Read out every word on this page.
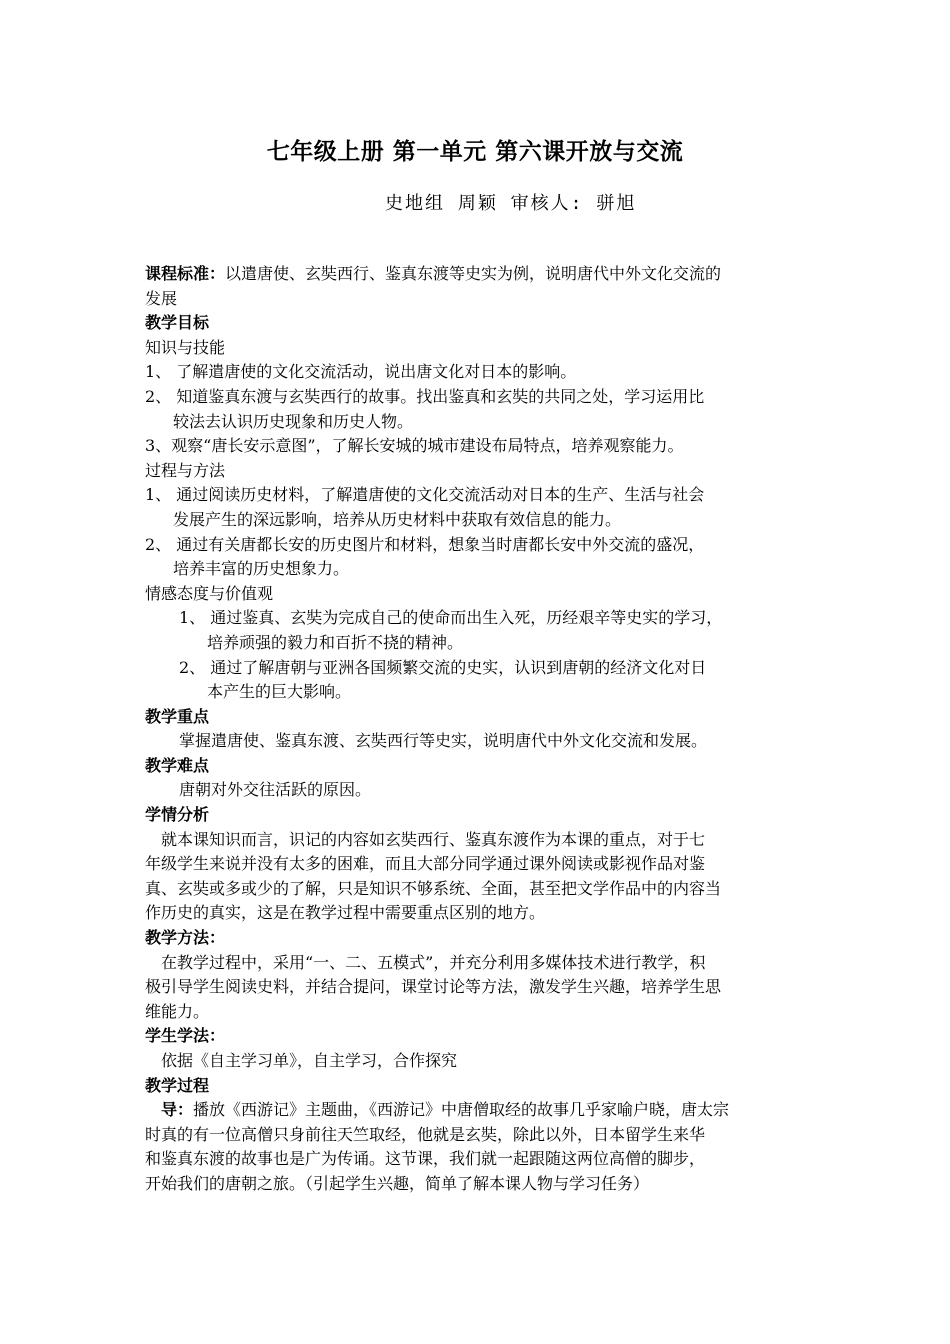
七年级上册 第一单元 第六课开放与交流
史地组 周颖 审核人: 骈旭
课程标准：以遣唐使、玄奘西行、鉴真东渡等史实为例，说明唐代中外文化交流的
发展
教学目标
知识与技能
1、 了解遣唐使的文化交流活动，说出唐文化对日本的影响。
2、 知道鉴真东渡与玄奘西行的故事。找出鉴真和玄奘的共同之处，学习运用比
较法去认识历史现象和历史人物。
3、观察“唐长安示意图”，了解长安城的城市建设布局特点，培养观察能力。
过程与方法
1、 通过阅读历史材料，了解遣唐使的文化交流活动对日本的生产、生活与社会
发展产生的深远影响，培养从历史材料中获取有效信息的能力。
2、 通过有关唐都长安的历史图片和材料，想象当时唐都长安中外交流的盛况，
培养丰富的历史想象力。
情感态度与价值观
1、 通过鉴真、玄奘为完成自己的使命而出生入死，历经艰辛等史实的学习，
培养顽强的毅力和百折不挠的精神。
2、 通过了解唐朝与亚洲各国频繁交流的史实，认识到唐朝的经济文化对日
本产生的巨大影响。
教学重点
掌握遣唐使、鉴真东渡、玄奘西行等史实，说明唐代中外文化交流和发展。
教学难点
唐朝对外交往活跃的原因。
学情分析
就本课知识而言，识记的内容如玄奘西行、鉴真东渡作为本课的重点，对于七
年级学生来说并没有太多的困难，而且大部分同学通过课外阅读或影视作品对鉴
真、玄奘或多或少的了解，只是知识不够系统、全面，甚至把文学作品中的内容当
作历史的真实，这是在教学过程中需要重点区别的地方。
教学方法：
在教学过程中，采用“一、二、五模式”，并充分利用多媒体技术进行教学，积
极引导学生阅读史料，并结合提问，课堂讨论等方法，激发学生兴趣，培养学生思
维能力。
学生学法：
依据《自主学习单》，自主学习，合作探究
教学过程
导：播放《西游记》主题曲，《西游记》中唐僧取经的故事几乎家喻户晓，唐太宗
时真的有一位高僧只身前往天竺取经，他就是玄奘，除此以外，日本留学生来华
和鉴真东渡的故事也是广为传诵。这节课，我们就一起跟随这两位高僧的脚步，
开始我们的唐朝之旅。（引起学生兴趣，简单了解本课人物与学习任务）
